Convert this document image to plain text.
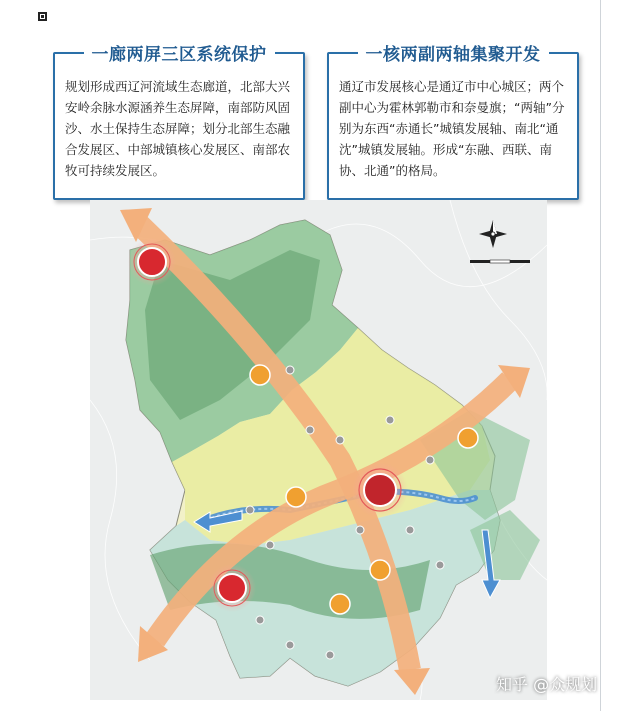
一廊两屏三区系统保护
规划形成西辽河流域生态廊道，北部大兴安岭余脉水源涵养生态屏障，南部防风固沙、水土保持生态屏障；划分北部生态融合发展区、中部城镇核心发展区、南部农牧可持续发展区。
一核两副两轴集聚开发
通辽市发展核心是通辽市中心城区；两个副中心为霍林郭勒市和奈曼旗；“两轴”分别为东西“赤通长”城镇发展轴、南北“通沈”城镇发展轴。形成“东融、西联、南协、北通”的格局。
知乎 @众规划
